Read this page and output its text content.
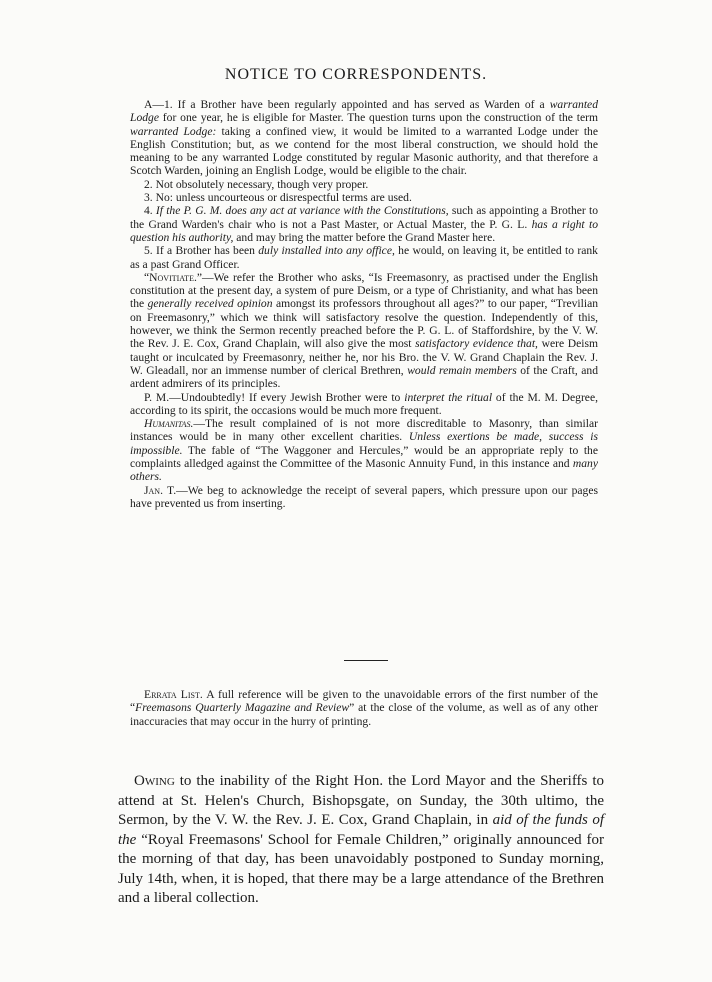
NOTICE TO CORRESPONDENTS.

A—1. If a Brother have been regularly appointed and has served as Warden of a warranted Lodge for one year, he is eligible for Master. The question turns upon the construction of the term warranted Lodge: taking a confined view, it would be limited to a warranted Lodge under the English Constitution; but, as we contend for the most liberal construction, we should hold the meaning to be any warranted Lodge constituted by regular Masonic authority, and that therefore a Scotch Warden, joining an English Lodge, would be eligible to the chair.

2. Not obsolutely necessary, though very proper.

3. No: unless uncourteous or disrespectful terms are used.

4. If the P. G. M. does any act at variance with the Constitutions, such as appointing a Brother to the Grand Warden's chair who is not a Past Master, or Actual Master, the P. G. L. has a right to question his authority, and may bring the matter before the Grand Master here.

5. If a Brother has been duly installed into any office, he would, on leaving it, be entitled to rank as a past Grand Officer.

“Novitiate.”—We refer the Brother who asks, “Is Freemasonry, as practised under the English constitution at the present day, a system of pure Deism, or a type of Christianity, and what has been the generally received opinion amongst its professors throughout all ages?” to our paper, “Trevilian on Freemasonry,” which we think will satisfactory resolve the question. Independently of this, however, we think the Sermon recently preached before the P. G. L. of Staffordshire, by the V. W. the Rev. J. E. Cox, Grand Chaplain, will also give the most satisfactory evidence that, were Deism taught or inculcated by Freemasonry, neither he, nor his Bro. the V. W. Grand Chaplain the Rev. J. W. Gleadall, nor an immense number of clerical Brethren, would remain members of the Craft, and ardent admirers of its principles.

P. M.—Undoubtedly! If every Jewish Brother were to interpret the ritual of the M. M. Degree, according to its spirit, the occasions would be much more frequent.

Humanitas.—The result complained of is not more discreditable to Masonry, than similar instances would be in many other excellent charities. Unless exertions be made, success is impossible. The fable of “The Waggoner and Hercules,” would be an appropriate reply to the complaints alledged against the Committee of the Masonic Annuity Fund, in this instance and many others.

Jan. T.—We beg to acknowledge the receipt of several papers, which pressure upon our pages have prevented us from inserting.

Errata List. A full reference will be given to the unavoidable errors of the first number of the “Freemasons Quarterly Magazine and Review” at the close of the volume, as well as of any other inaccuracies that may occur in the hurry of printing.

Owing to the inability of the Right Hon. the Lord Mayor and the Sheriffs to attend at St. Helen's Church, Bishopsgate, on Sunday, the 30th ultimo, the Sermon, by the V. W. the Rev. J. E. Cox, Grand Chaplain, in aid of the funds of the “Royal Freemasons' School for Female Children,” originally announced for the morning of that day, has been unavoidably postponed to Sunday morning, July 14th, when, it is hoped, that there may be a large attendance of the Brethren and a liberal collection.
